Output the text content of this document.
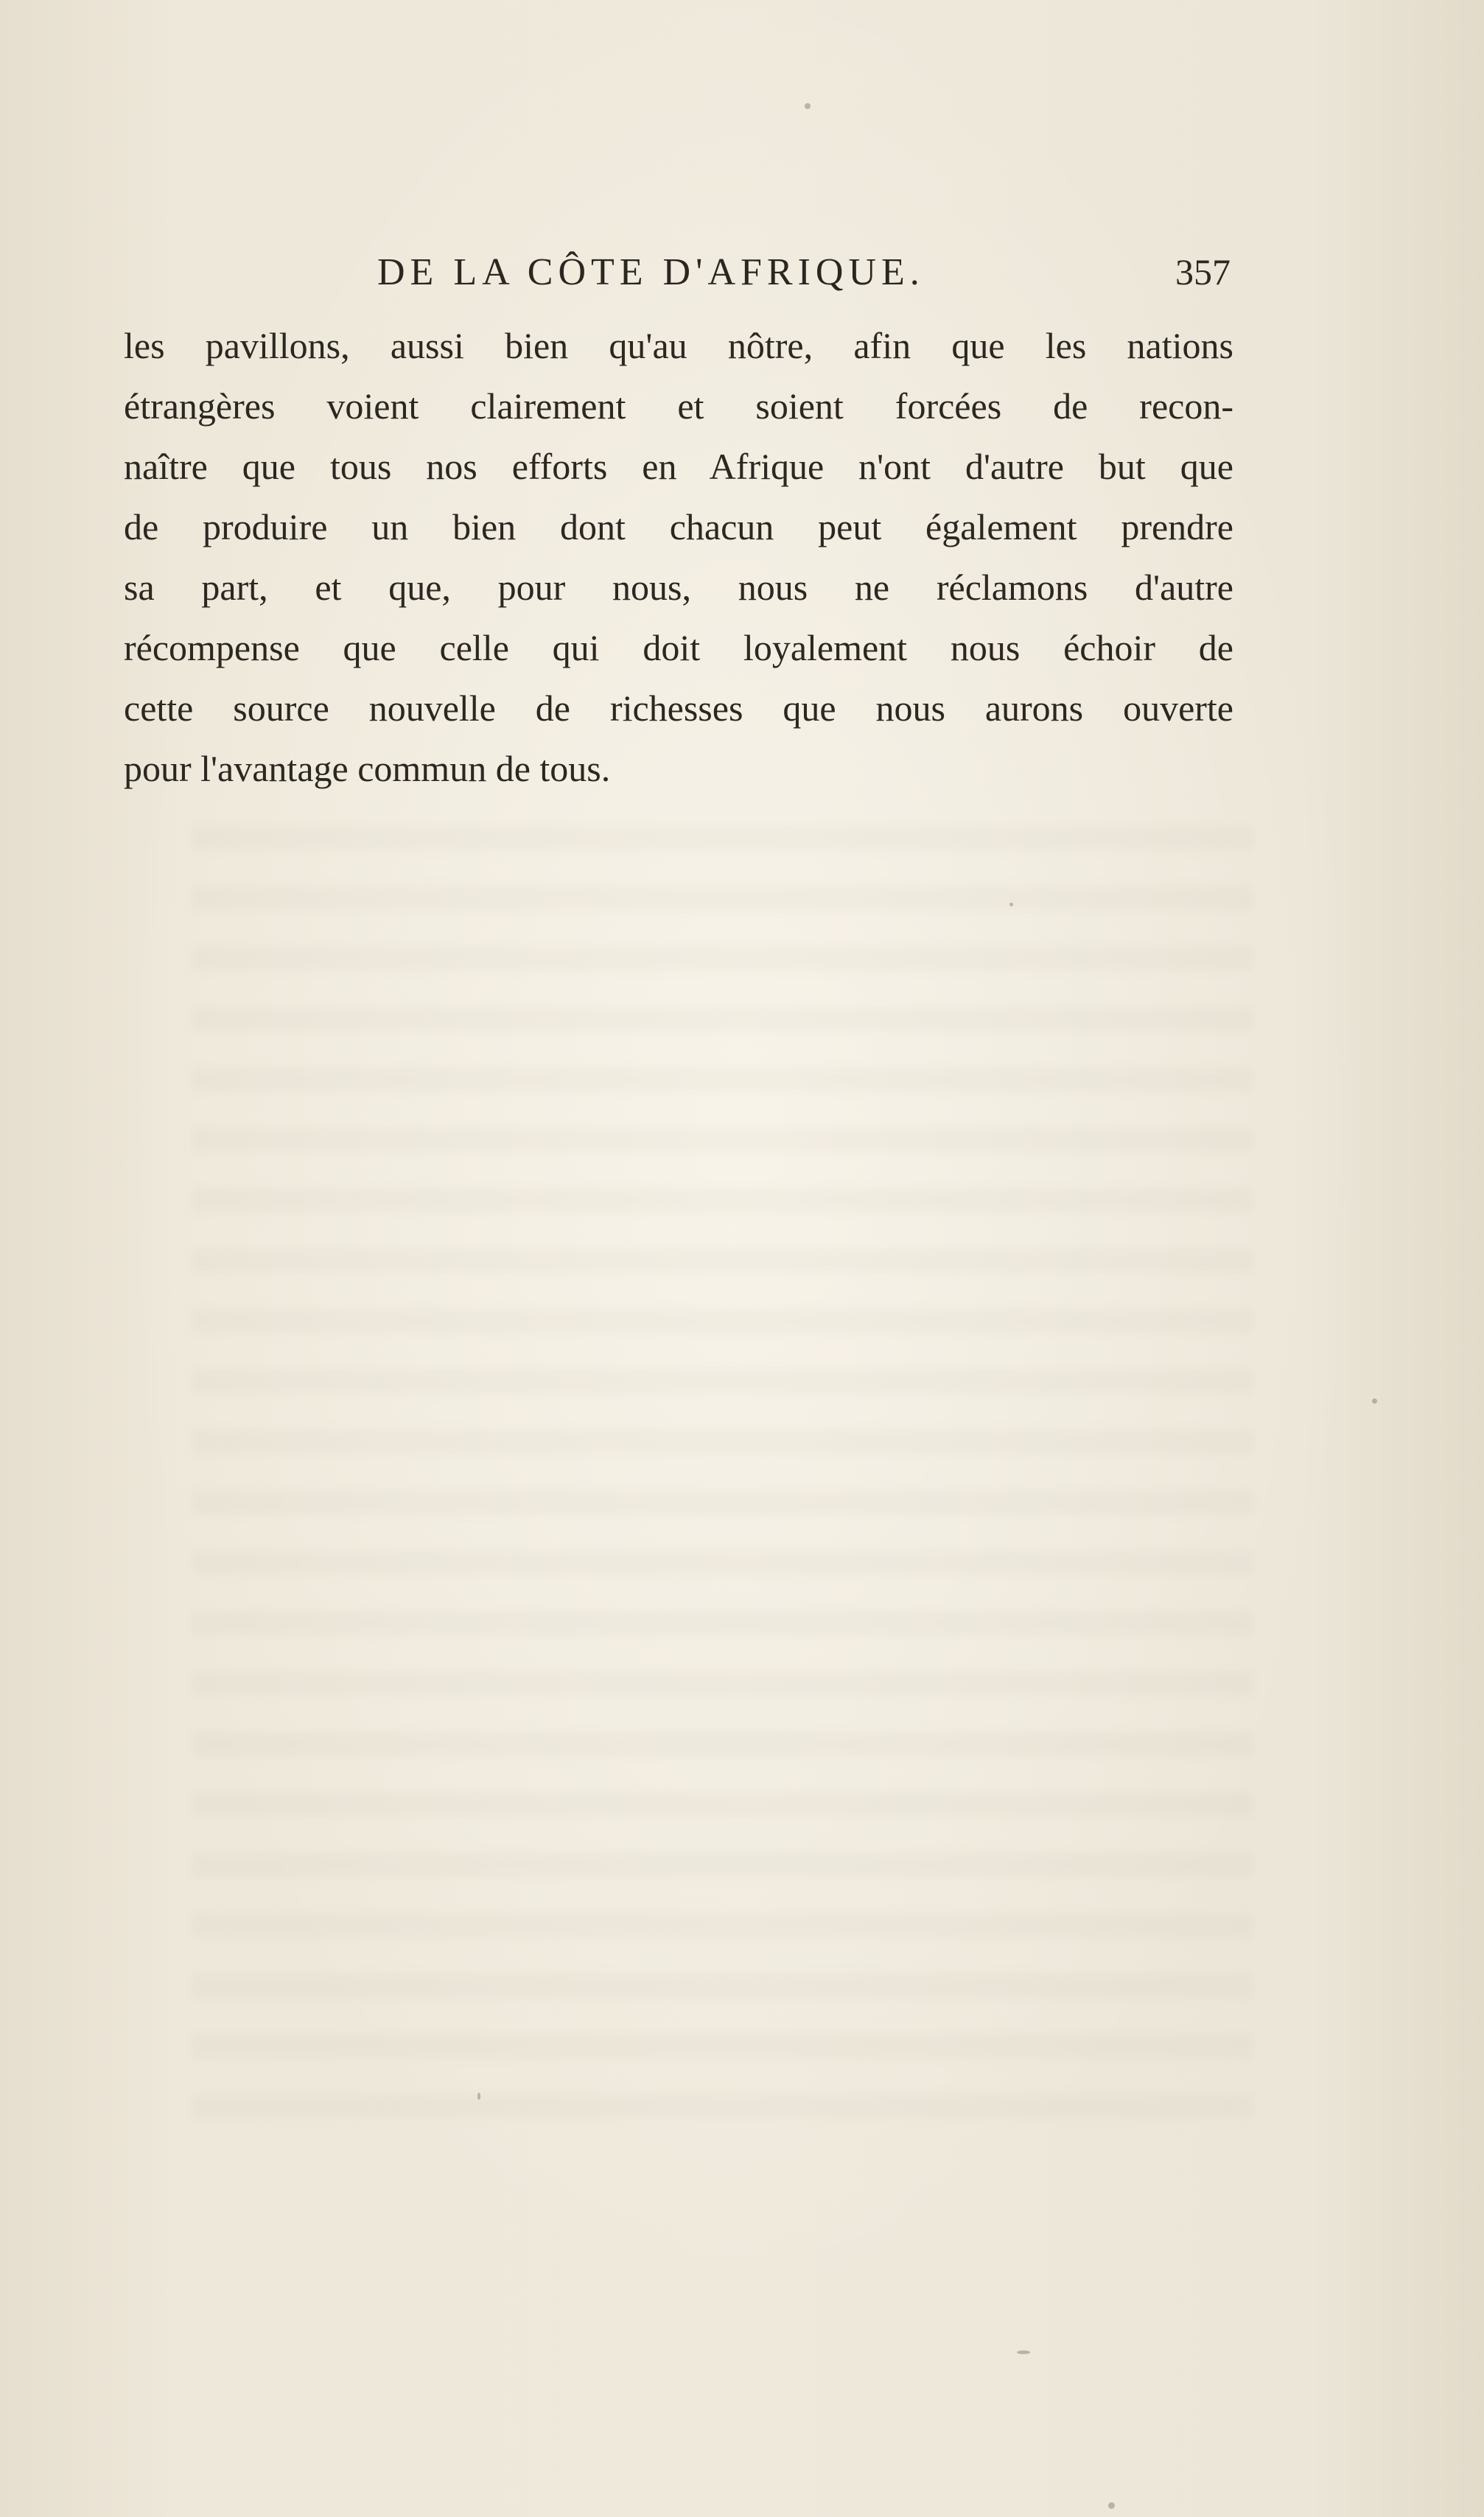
DE LA CÔTE D'AFRIQUE.	357
les pavillons, aussi bien qu'au nôtre, afin que les nations
étrangères voient clairement et soient forcées de recon-
naître que tous nos efforts en Afrique n'ont d'autre but que
de produire un bien dont chacun peut également prendre
sa part, et que, pour nous, nous ne réclamons d'autre
récompense que celle qui doit loyalement nous échoir de
cette source nouvelle de richesses que nous aurons ouverte
pour l'avantage commun de tous.
